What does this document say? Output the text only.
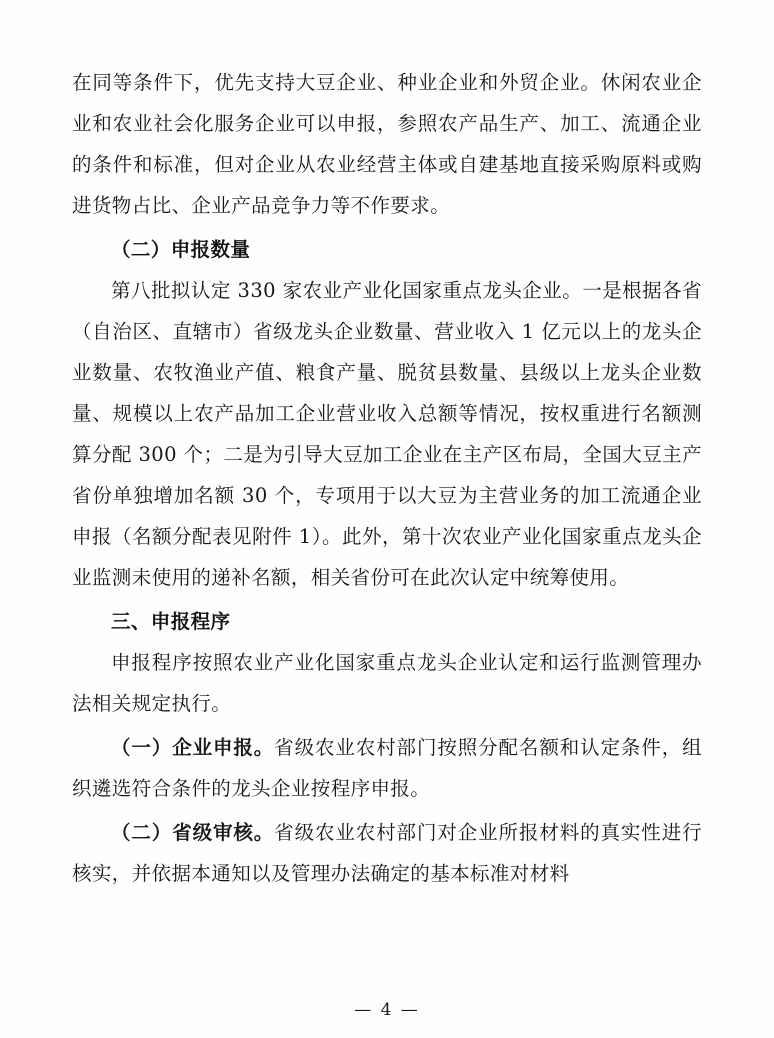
在同等条件下，优先支持大豆企业、种业企业和外贸企业。休闲农业企业和农业社会化服务企业可以申报，参照农产品生产、加工、流通企业的条件和标准，但对企业从农业经营主体或自建基地直接采购原料或购进货物占比、企业产品竞争力等不作要求。

（二）申报数量

第八批拟认定 330 家农业产业化国家重点龙头企业。一是根据各省（自治区、直辖市）省级龙头企业数量、营业收入 1 亿元以上的龙头企业数量、农牧渔业产值、粮食产量、脱贫县数量、县级以上龙头企业数量、规模以上农产品加工企业营业收入总额等情况，按权重进行名额测算分配 300 个；二是为引导大豆加工企业在主产区布局，全国大豆主产省份单独增加名额 30 个，专项用于以大豆为主营业务的加工流通企业申报（名额分配表见附件 1）。此外，第十次农业产业化国家重点龙头企业监测未使用的递补名额，相关省份可在此次认定中统筹使用。

三、申报程序

申报程序按照农业产业化国家重点龙头企业认定和运行监测管理办法相关规定执行。

（一）企业申报。省级农业农村部门按照分配名额和认定条件，组织遴选符合条件的龙头企业按程序申报。

（二）省级审核。省级农业农村部门对企业所报材料的真实性进行核实，并依据本通知以及管理办法确定的基本标准对材料

— 4 —
